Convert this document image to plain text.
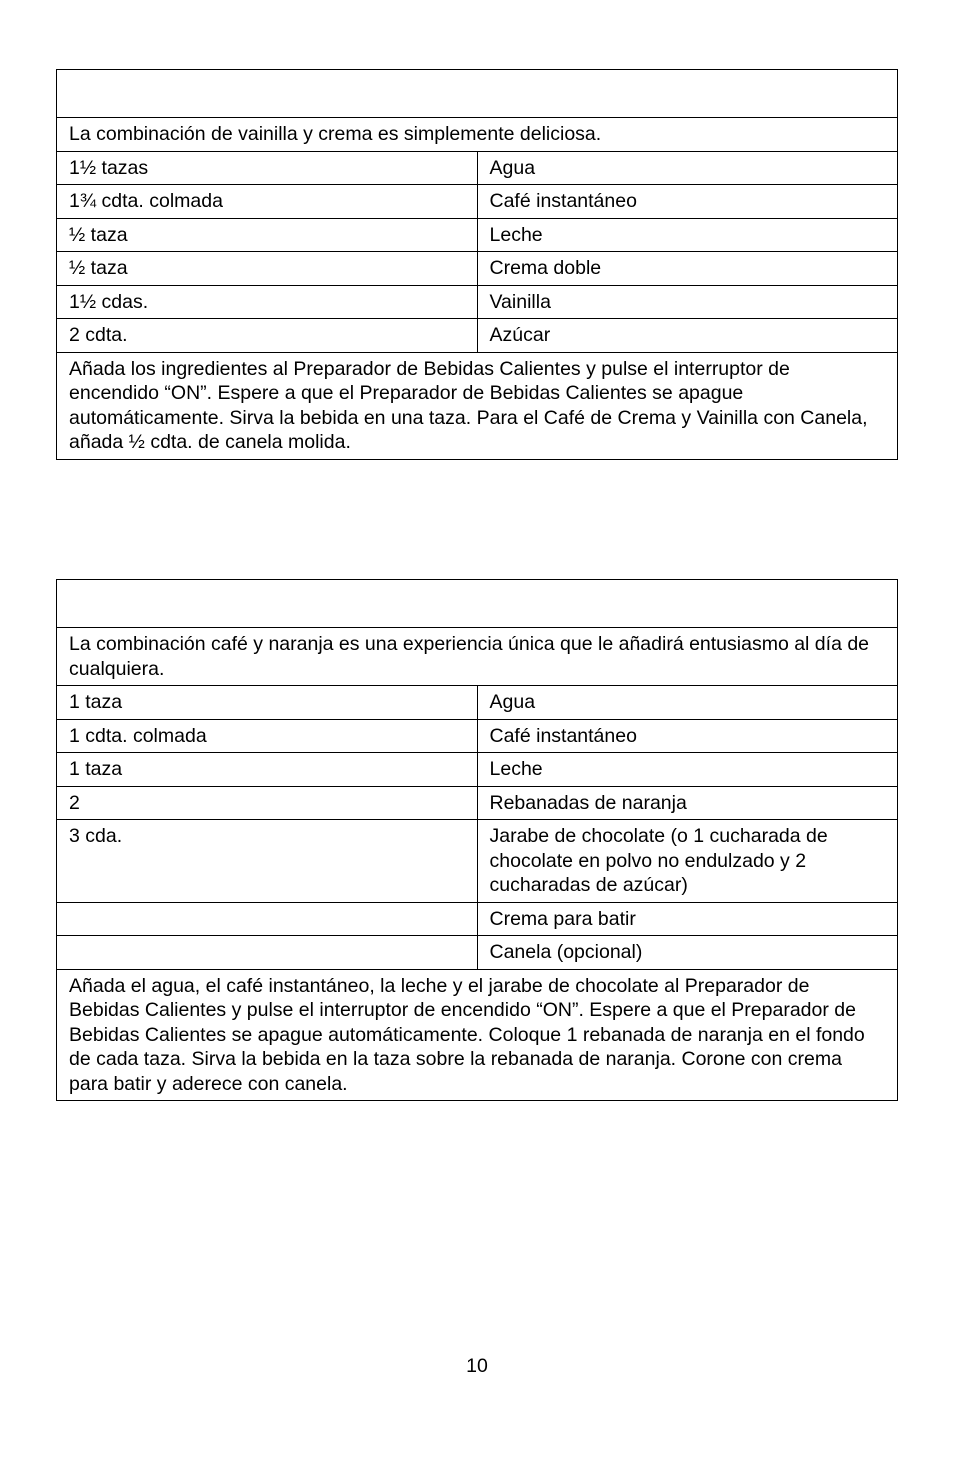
La combinación de vainilla y crema es simplemente deliciosa.	
1½ tazas	Agua
1¾ cdta. colmada	Café instantáneo
½ taza	Leche
½ taza	Crema doble
1½ cdas.	Vainilla
2 cdta.	Azúcar
Añada los ingredientes al Preparador de Bebidas Calientes y pulse el interruptor de encendido “ON”. Espere a que el Preparador de Bebidas Calientes se apague automáticamente. Sirva la bebida en una taza. Para el Café de Crema y Vainilla con Canela, añada ½ cdta. de canela molida.	

La combinación café y naranja es una experiencia única que le añadirá entusiasmo al día de cualquiera.	
1 taza	Agua
1 cdta. colmada	Café instantáneo
1 taza	Leche
2	Rebanadas de naranja
3 cda.	Jarabe de chocolate (o 1 cucharada de chocolate en polvo no endulzado y 2 cucharadas de azúcar)
	Crema para batir
	Canela (opcional)
Añada el agua, el café instantáneo, la leche y el jarabe de chocolate al Preparador de Bebidas Calientes y pulse el interruptor de encendido “ON”. Espere a que el Preparador de Bebidas Calientes se apague automáticamente. Coloque 1 rebanada de naranja en el fondo de cada taza. Sirva la bebida en la taza sobre la rebanada de naranja. Corone con crema para batir y aderece con canela.	
10
